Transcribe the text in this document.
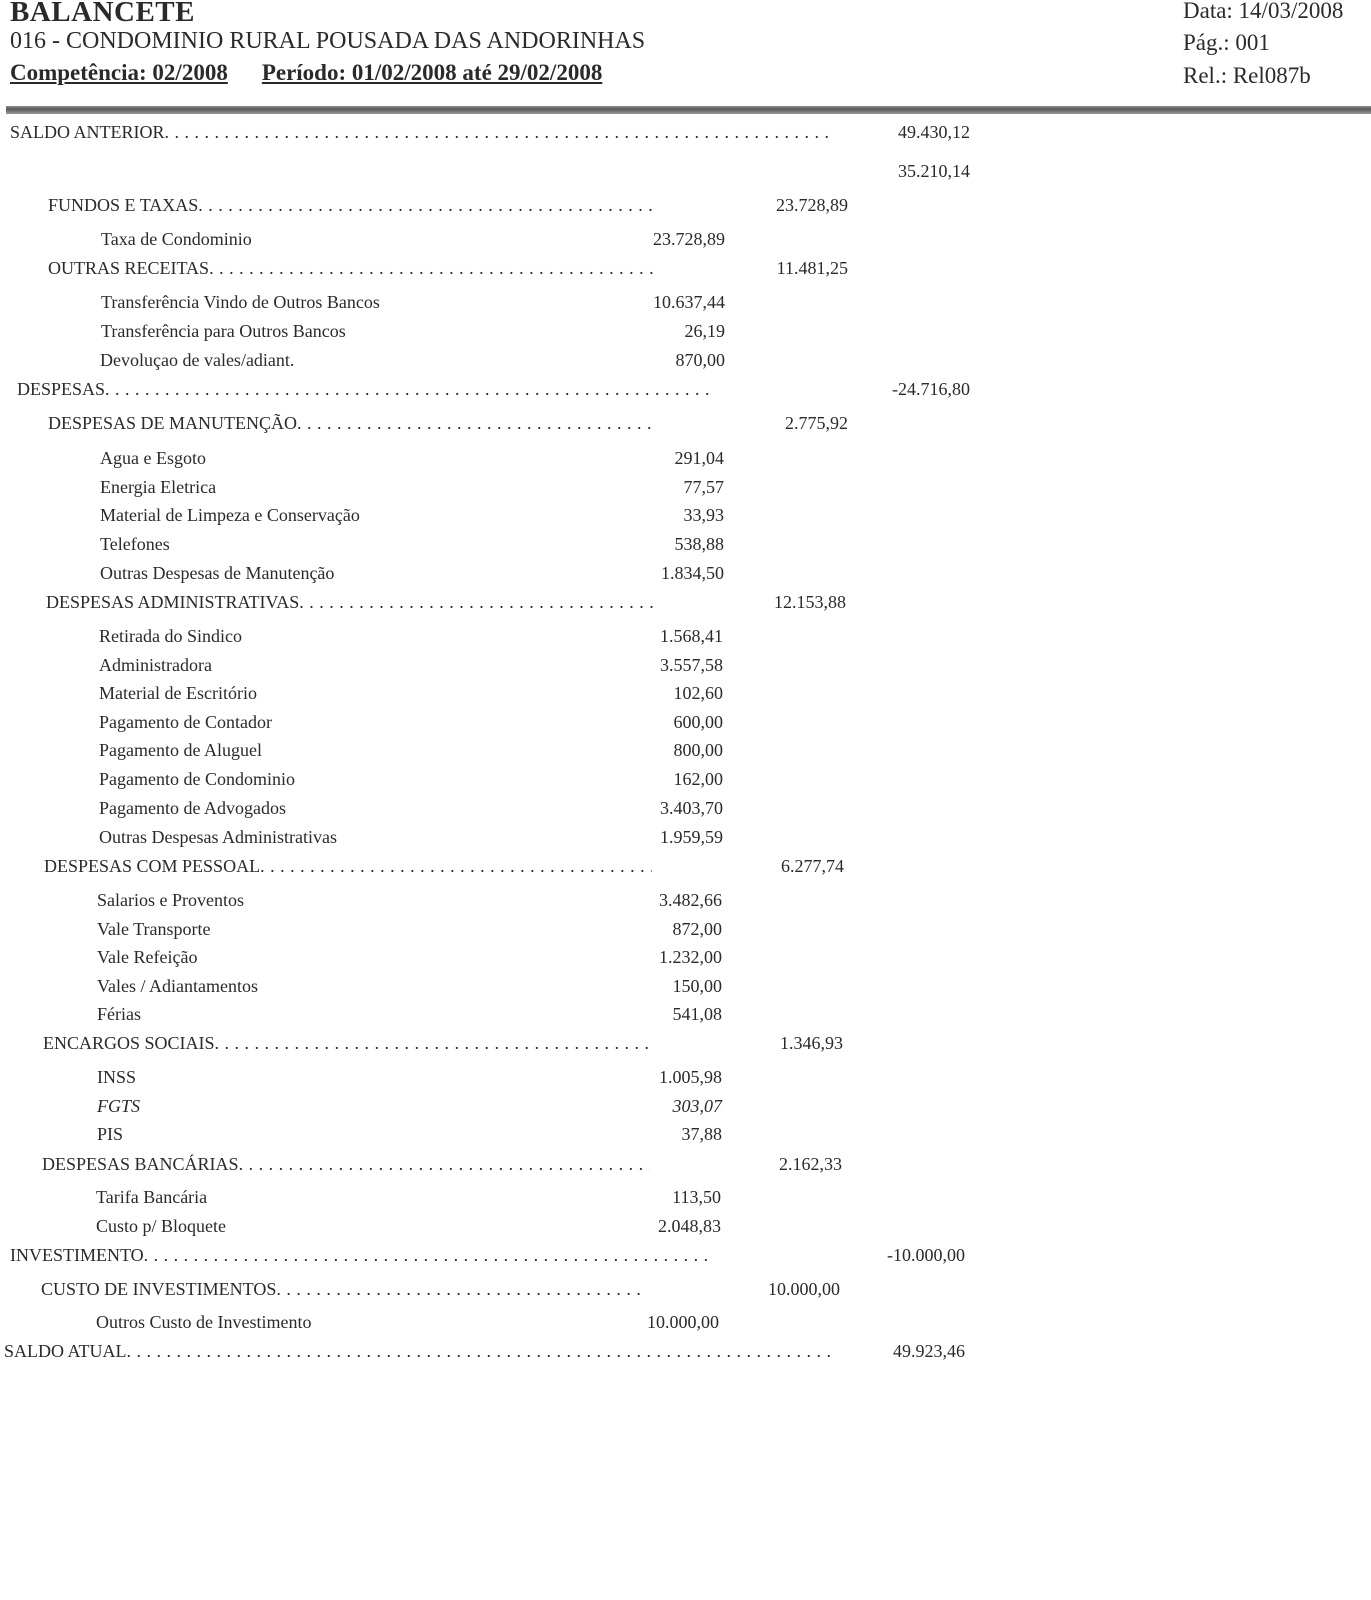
BALANCETE
016 - CONDOMINIO RURAL POUSADA DAS ANDORINHAS
Competência: 02/2008 Período: 01/02/2008 até 29/02/2008
Data: 14/03/2008
Pág.: 001
Rel.: Rel087b
SALDO ANTERIOR . . .	49.430,12
35.210,14
FUNDOS E TAXAS . . .	23.728,89
Taxa de Condominio	23.728,89
OUTRAS RECEITAS . . .	11.481,25
Transferência Vindo de Outros Bancos	10.637,44
Transferência para Outros Bancos	26,19
Devoluçao de vales/adiant.	870,00
DESPESAS . . .	-24.716,80
DESPESAS DE MANUTENÇÃO . . .	2.775,92
Agua e Esgoto	291,04
Energia Eletrica	77,57
Material de Limpeza e Conservação	33,93
Telefones	538,88
Outras Despesas de Manutenção	1.834,50
DESPESAS ADMINISTRATIVAS . . .	12.153,88
Retirada do Sindico	1.568,41
Administradora	3.557,58
Material de Escritório	102,60
Pagamento de Contador	600,00
Pagamento de Aluguel	800,00
Pagamento de Condominio	162,00
Pagamento de Advogados	3.403,70
Outras Despesas Administrativas	1.959,59
DESPESAS COM PESSOAL . . .	6.277,74
Salarios e Proventos	3.482,66
Vale Transporte	872,00
Vale Refeição	1.232,00
Vales / Adiantamentos	150,00
Férias	541,08
ENCARGOS SOCIAIS . . .	1.346,93
INSS	1.005,98
FGTS	303,07
PIS	37,88
DESPESAS BANCÁRIAS . . .	2.162,33
Tarifa Bancária	113,50
Custo p/ Bloquete	2.048,83
INVESTIMENTO . . .	-10.000,00
CUSTO DE INVESTIMENTOS . . .	10.000,00
Outros Custo de Investimento	10.000,00
SALDO ATUAL . . .	49.923,46
